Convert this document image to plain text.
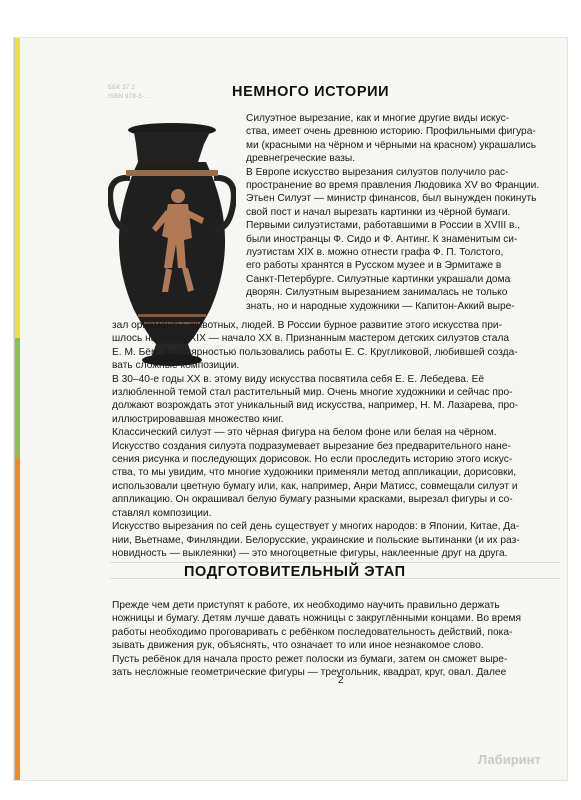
ББК 37.2
ISBN 978-5-...	НЕМНОГО ИСТОРИИ
Силуэтное вырезание, как и многие другие виды искус-
ства, имеет очень древнюю историю. Профильными фигура-
ми (красными на чёрном и чёрными на красном) украшались
древнегреческие вазы.
В Европе искусство вырезания силуэтов получило рас-
пространение во время правления Людовика XV во Франции.
Этьен Силуэт — министр финансов, был вынужден покинуть
свой пост и начал вырезать картинки из чёрной бумаги.
Первыми силуэтистами, работавшими в России в XVIII в.,
были иностранцы Ф. Сидо и Ф. Антинг. К знаменитым си-
луэтистам XIX в. можно отнести графа Ф. П. Толстого,
его работы хранятся в Русском музее и в Эрмитаже в
Санкт-Петербурге. Силуэтные картинки украшали дома
дворян. Силуэтным вырезанием занималась не только
знать, но и народные художники — Капитон-Аккий выре-
зал орнаменты, животных, людей. В России бурное развитие этого искусства при-
шлось на конец XIX — начало XX в. Признанным мастером детских силуэтов стала
Е. М. Бём, популярностью пользовались работы Е. С. Кругликовой, любившей созда-
вать сложные композиции.
В 30–40-е годы XX в. этому виду искусства посвятила себя Е. Е. Лебедева. Её
излюбленной темой стал растительный мир. Очень многие художники и сейчас про-
должают возрождать этот уникальный вид искусства, например, Н. М. Лазарева, про-
иллюстрировавшая множество книг.
Классический силуэт — это чёрная фигура на белом фоне или белая на чёрном.
Искусство создания силуэта подразумевает вырезание без предварительного нане-
сения рисунка и последующих дорисовок. Но если проследить историю этого искус-
ства, то мы увидим, что многие художники применяли метод аппликации, дорисовки,
использовали цветную бумагу или, как, например, Анри Матисс, совмещали силуэт и
аппликацию. Он окрашивал белую бумагу разными красками, вырезал фигуры и со-
ставлял композиции.
Искусство вырезания по сей день существует у многих народов: в Японии, Китае, Да-
нии, Вьетнаме, Финляндии. Белорусские, украинские и польские вытинанки (и их раз-
новидность — выклеянки) — это многоцветные фигуры, наклеенные друг на друга.
ПОДГОТОВИТЕЛЬНЫЙ ЭТАП
Прежде чем дети приступят к работе, их необходимо научить правильно держать
ножницы и бумагу. Детям лучше давать ножницы с закруглёнными концами. Во время
работы необходимо проговаривать с ребёнком последовательность действий, пока-
зывать движения рук, объяснять, что означает то или иное незнакомое слово.
Пусть ребёнок для начала просто режет полоски из бумаги, затем он сможет выре-
зать несложные геометрические фигуры — треугольник, квадрат, круг, овал. Далее
2
Лабиринт
